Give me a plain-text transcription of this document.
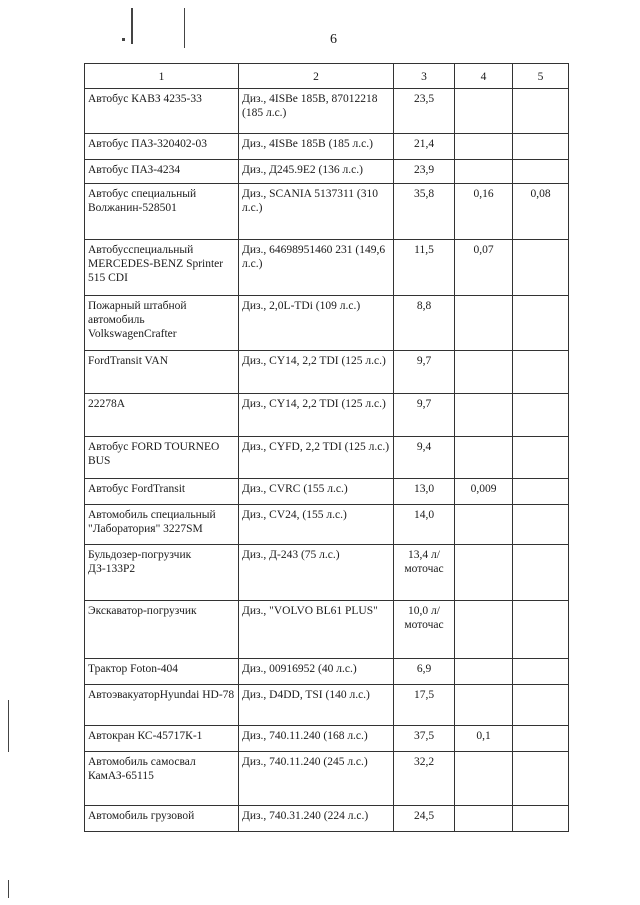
6
1	2	3	4	5
Автобус КАВЗ 4235-33	Диз., 4ISBe 185B, 87012218 (185 л.с.)	23,5		
Автобус ПАЗ-320402-03	Диз., 4ISBe 185B (185 л.с.)	21,4		
Автобус ПАЗ-4234	Диз., Д245.9Е2 (136 л.с.)	23,9		
Автобус специальный Волжанин-528501	Диз., SCANIA 5137311 (310 л.с.)	35,8	0,16	0,08
Автобусспециальный MERCEDES-BENZ Sprinter 515 CDI	Диз., 64698951460 231 (149,6 л.с.)	11,5	0,07	
Пожарный штабной автомобиль VolkswagenCrafter	Диз., 2,0L-TDi (109 л.с.)	8,8		
FordTransit VAN	Диз., CY14, 2,2 TDI (125 л.с.)	9,7		
22278A	Диз., CY14, 2,2 TDI (125 л.с.)	9,7		
Автобус FORD TOURNEO BUS	Диз., CYFD, 2,2 TDI (125 л.с.)	9,4		
Автобус FordTransit	Диз., CVRC (155 л.с.)	13,0	0,009	
Автомобиль специальный "Лаборатория" 3227SM	Диз., CV24, (155 л.с.)	14,0		
Бульдозер-погрузчик ДЗ-133Р2	Диз., Д-243 (75 л.с.)	13,4 л/моточас		
Экскаватор-погрузчик	Диз., "VOLVO BL61 PLUS"	10,0 л/моточас		
Трактор Foton-404	Диз., 00916952 (40 л.с.)	6,9		
АвтоэвакуаторHyundai HD-78	Диз., D4DD, TSI (140 л.с.)	17,5		
Автокран КС-45717К-1	Диз., 740.11.240 (168 л.с.)	37,5	0,1	
Автомобиль самосвал КамАЗ-65115	Диз., 740.11.240 (245 л.с.)	32,2		
Автомобиль грузовой	Диз., 740.31.240 (224 л.с.)	24,5		
